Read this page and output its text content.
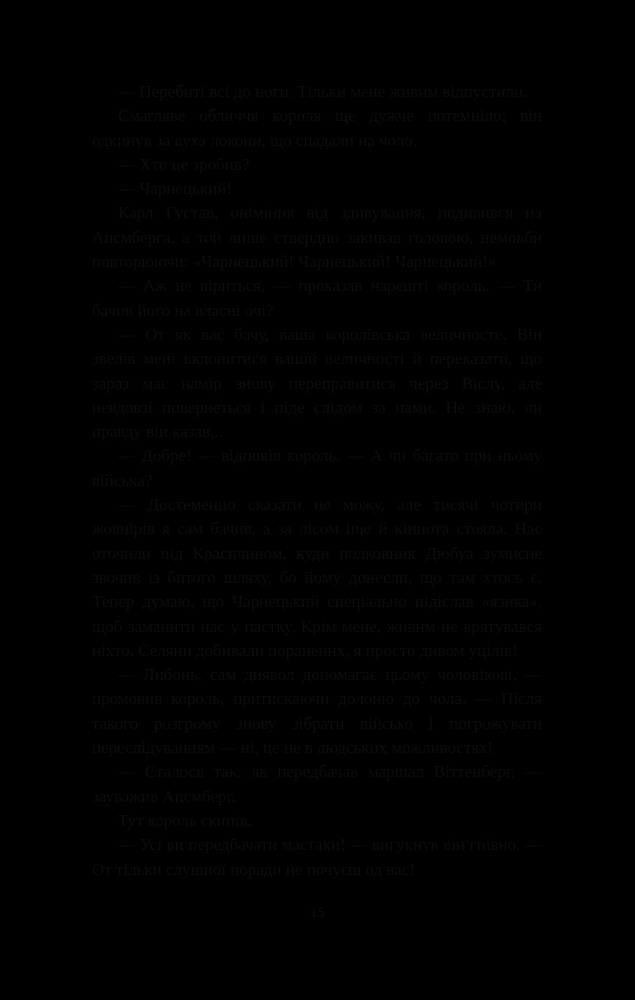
— Перебиті всі до ноги. Тільки мене живим відпустили.

Смагляве обличчя короля ще дужче потемніло; він одкинув за вуха локони, що спадали на чоло.

— Хто це зробив?

— Чарнецький!

Карл Густав, оніміння від здивування, подивився на Апсмберга, а той лише ствердно закивав головою, немовби повторюючи: «Чарнецький! Чарнецький! Чарнецький!»

— Аж не віриться, — проказав нарешті король. — Ти бачив його на власні очі?

— От як вас бачу, ваша королівська величносте. Він звелів мені вклонитися вашій величності й переказати, що зараз має намір знову переправитися через Віслу, але невдовзі повернеться і піде слідом за нами. Не знаю, чи правду він казав...

— Добре! — відповів король. — А чи багато при ньому війська?

— Достеменно сказати не можу, але тисячі чотири жовнірів я сам бачив, а за лісом іще й кіннота стояла. Нас оточили під Красичином, куди полковник Дюбуа зумисне звочив із битого шляху, бо йому донесли, що там хтось є. Тепер думаю, що Чарнецький спеціально підіслав «язика», щоб заманити нас у пастку. Крім мене, живим не врятувався ніхто. Селяни добивали поранених, я просто дивом уцілів!

— Либонь, сам диявол допомагає цьому чоловікові, — промовив король, притискаючи долоню до чола. — Після такого розгрому знову зібрати військо і погрожувати переслідуванням — ні, це не в людських можливостях!

— Сталося так, як передбачав маршал Віттенберг, — зауважив Апсмберг.

Тут король скипів.

— Усі ви передбачати мастаки! — вигукнув він гнівно. — От тільки слушної поради не почуєш од вас!

15
